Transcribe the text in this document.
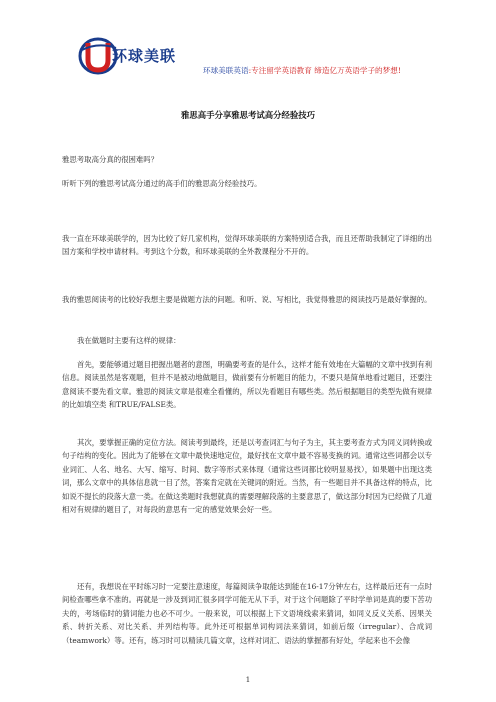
环球美联
环球美联英语:专注留学英语教育 缔造亿万英语学子的梦想!
雅思高手分享雅思考试高分经验技巧

雅思考取高分真的很困难吗？

听听下列的雅思考试高分通过的高手们的雅思高分经验技巧。

我一直在环球美联学的，因为比较了好几家机构，觉得环球美联的方案特别适合我，而且还帮助我制定了详细的出国方案和学校申请材料。考到这个分数，和环球美联的全外教课程分不开的。

我的雅思阅读考的比较好我想主要是做题方法的问题。和听、说、写相比，我觉得雅思的阅读技巧是最好掌握的。

我在做题时主要有这样的规律：

首先，要能够通过题目把握出题者的意图，明确要考查的是什么，这样才能有效地在大篇幅的文章中找到有利信息。阅读虽然是客观题，但并不是被动地做题目，做前要有分析题目的能力，不要只是简单地看过题目，还要注意阅读不要先看文章。雅思的阅读文章是很难全看懂的，所以先看题目有哪些类。然后根据题目的类型先做有规律的比如填空类 和TRUE/FALSE类。

其次，要掌握正确的定位方法。阅读考到最终，还是以考查词汇与句子为主，其主要考查方式为同义词转换或句子结构的变化。因此为了能够在文章中最快速地定位，最好找在文章中最不容易变换的词。通常这些词都会以专业词汇、人名、地名、大写、缩写、时间、数字等形式来体现（通常这些词都比较明显易找），如果题中出现这类词，那么文章中的具体信息就一目了然，答案肯定就在关键词的附近。当然，有一些题目并不具备这样的特点，比如说不提长的段落大意一类。在做这类题时我想就真的需要理解段落的主要意思了，做这部分时因为已经做了几道相对有规律的题目了，对每段的意思有一定的感觉效果会好一些。

还有，我想说在平时练习时一定要注意速度，每篇阅读争取能达到能在16-17分钟左右，这样最后还有一点时间检查哪些拿不准的。再就是一涉及到词汇很多同学可能无从下手，对于这个问题除了平时学单词是真的要下苦功夫的，考场临时的猜词能力也必不可少。一般来说，可以根据上下文语境线索来猜词，如同义反义关系、因果关系、转折关系、对比关系、并列结构等。此外还可根据单词构词法来猜词，如前后缀（irregular）、合成词（teamwork）等。还有，练习时可以精读几篇文章，这样对词汇、语法的掌握都有好处，学起来也不会像

1
